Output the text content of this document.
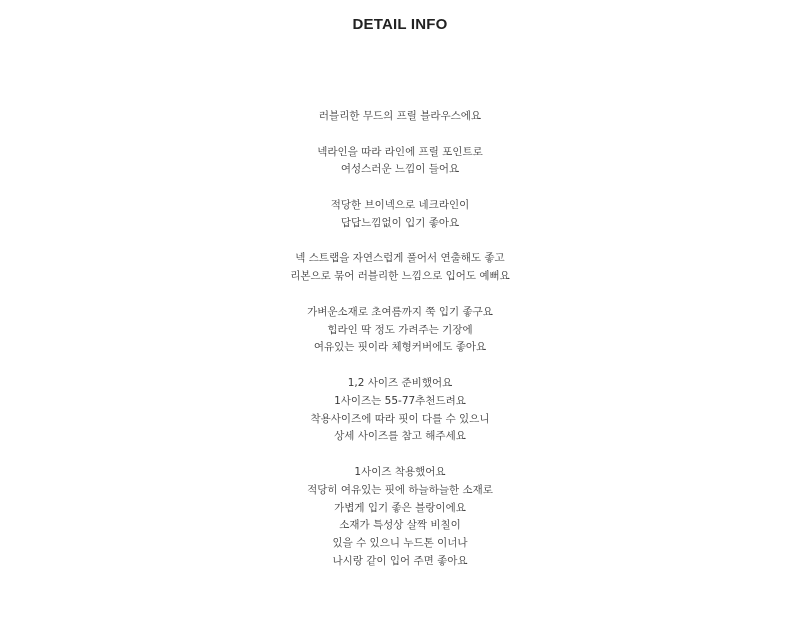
DETAIL INFO
러블리한 무드의 프릴 블라우스에요
넥라인을 따라 라인에 프릴 포인트로
여성스러운 느낌이 들어요
적당한 브이넥으로 네크라인이
답답느낌없이 입기 좋아요
넥 스트랩을 자연스럽게 풀어서 연출해도 좋고
리본으로 묶어 러블리한 느낌으로 입어도 예뻐요
가벼운소재로 초여름까지 쭉 입기 좋구요
힙라인 딱 정도 가려주는 기장에
여유있는 핏이라 체형커버에도 좋아요
1,2 사이즈 준비했어요
1사이즈는 55-77추천드려요
착용사이즈에 따라 핏이 다를 수 있으니
상세 사이즈를 참고 해주세요
1사이즈 착용했어요
적당히 여유있는 핏에 하늘하늘한 소재로
가볍게 입기 좋은 블랑이에요
소재가 특성상 살짝 비칠이
있을 수 있으니 누드톤 이너나
나시랑 같이 입어 주면 좋아요
